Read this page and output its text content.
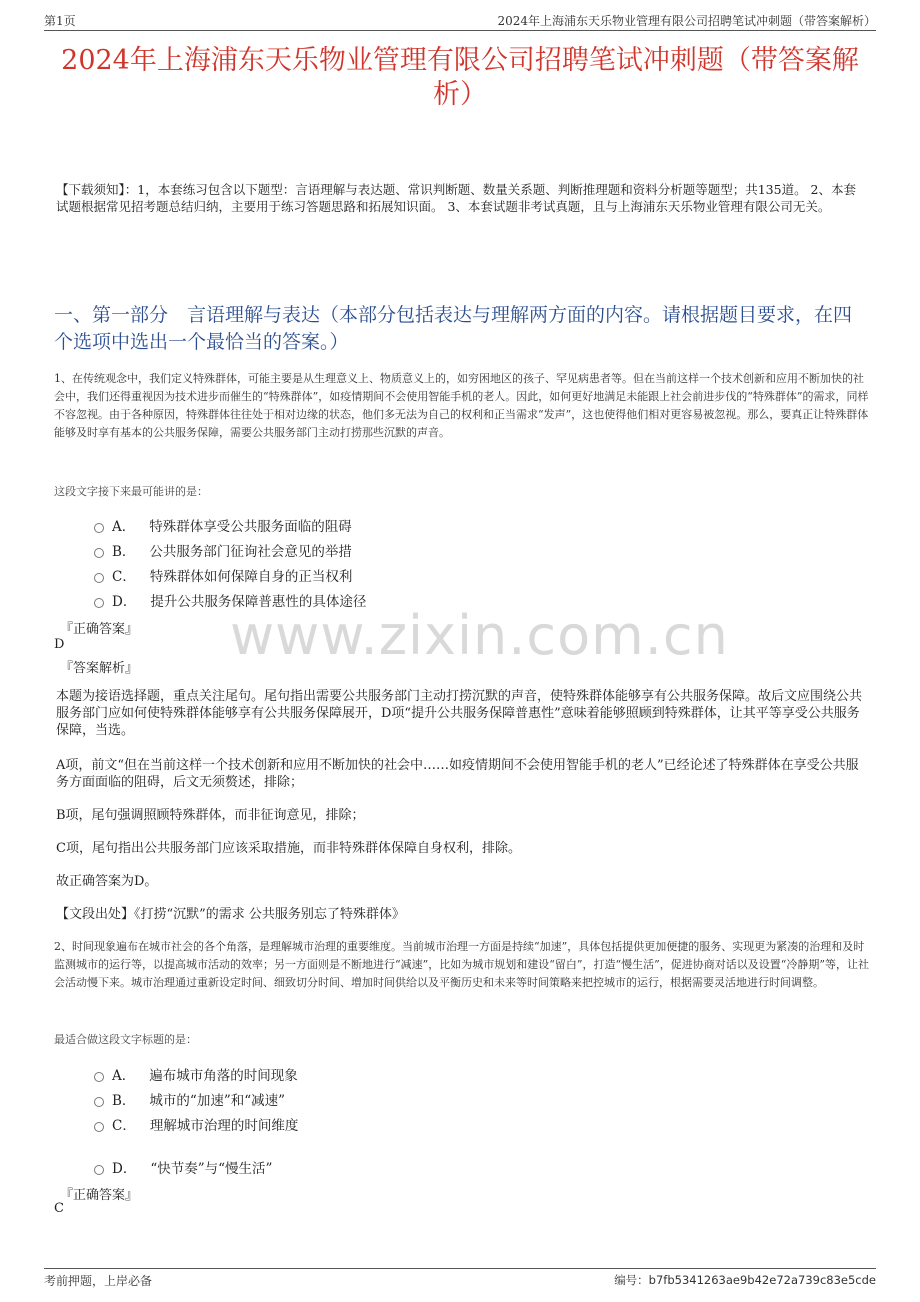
第1页	2024年上海浦东天乐物业管理有限公司招聘笔试冲刺题（带答案解析）
2024年上海浦东天乐物业管理有限公司招聘笔试冲刺题（带答案解析）
【下载须知】：1，本套练习包含以下题型：言语理解与表达题、常识判断题、数量关系题、判断推理题和资料分析题等题型；共135道。 2、本套试题根据常见招考题总结归纳，主要用于练习答题思路和拓展知识面。 3、本套试题非考试真题，且与上海浦东天乐物业管理有限公司无关。
一、第一部分　言语理解与表达（本部分包括表达与理解两方面的内容。请根据题目要求，在四个选项中选出一个最恰当的答案。）
1、在传统观念中，我们定义特殊群体，可能主要是从生理意义上、物质意义上的，如穷困地区的孩子、罕见病患者等。但在当前这样一个技术创新和应用不断加快的社会中，我们还得重视因为技术进步而催生的“特殊群体”，如疫情期间不会使用智能手机的老人。因此，如何更好地满足未能跟上社会前进步伐的“特殊群体”的需求，同样不容忽视。由于各种原因，特殊群体往往处于相对边缘的状态，他们多无法为自己的权利和正当需求“发声”，这也使得他们相对更容易被忽视。那么，要真正让特殊群体能够及时享有基本的公共服务保障，需要公共服务部门主动打捞那些沉默的声音。
这段文字接下来最可能讲的是：
A． 特殊群体享受公共服务面临的阻碍
B． 公共服务部门征询社会意见的举措
C． 特殊群体如何保障自身的正当权利
D． 提升公共服务保障普惠性的具体途径
www.zixin.com.cn
『正确答案』
D
『答案解析』
本题为接语选择题，重点关注尾句。尾句指出需要公共服务部门主动打捞沉默的声音，使特殊群体能够享有公共服务保障。故后文应围绕公共服务部门应如何使特殊群体能够享有公共服务保障展开，D项“提升公共服务保障普惠性”意味着能够照顾到特殊群体，让其平等享受公共服务保障，当选。
A项，前文“但在当前这样一个技术创新和应用不断加快的社会中……如疫情期间不会使用智能手机的老人”已经论述了特殊群体在享受公共服务方面面临的阻碍，后文无须赘述，排除；
B项，尾句强调照顾特殊群体，而非征询意见，排除；
C项，尾句指出公共服务部门应该采取措施，而非特殊群体保障自身权利，排除。
故正确答案为D。
【文段出处】《打捞“沉默”的需求 公共服务别忘了特殊群体》
2、时间现象遍布在城市社会的各个角落，是理解城市治理的重要维度。当前城市治理一方面是持续“加速”，具体包括提供更加便捷的服务、实现更为紧凑的治理和及时监测城市的运行等，以提高城市活动的效率；另一方面则是不断地进行“减速”，比如为城市规划和建设“留白”，打造“慢生活”，促进协商对话以及设置“冷静期”等，让社会活动慢下来。城市治理通过重新设定时间、细致切分时间、增加时间供给以及平衡历史和未来等时间策略来把控城市的运行，根据需要灵活地进行时间调整。
最适合做这段文字标题的是：
A． 遍布城市角落的时间现象
B． 城市的“加速”和“减速”
C． 理解城市治理的时间维度
D． “快节奏”与“慢生活”
『正确答案』
C
考前押题，上岸必备	编号：b7fb5341263ae9b42e72a739c83e5cde
